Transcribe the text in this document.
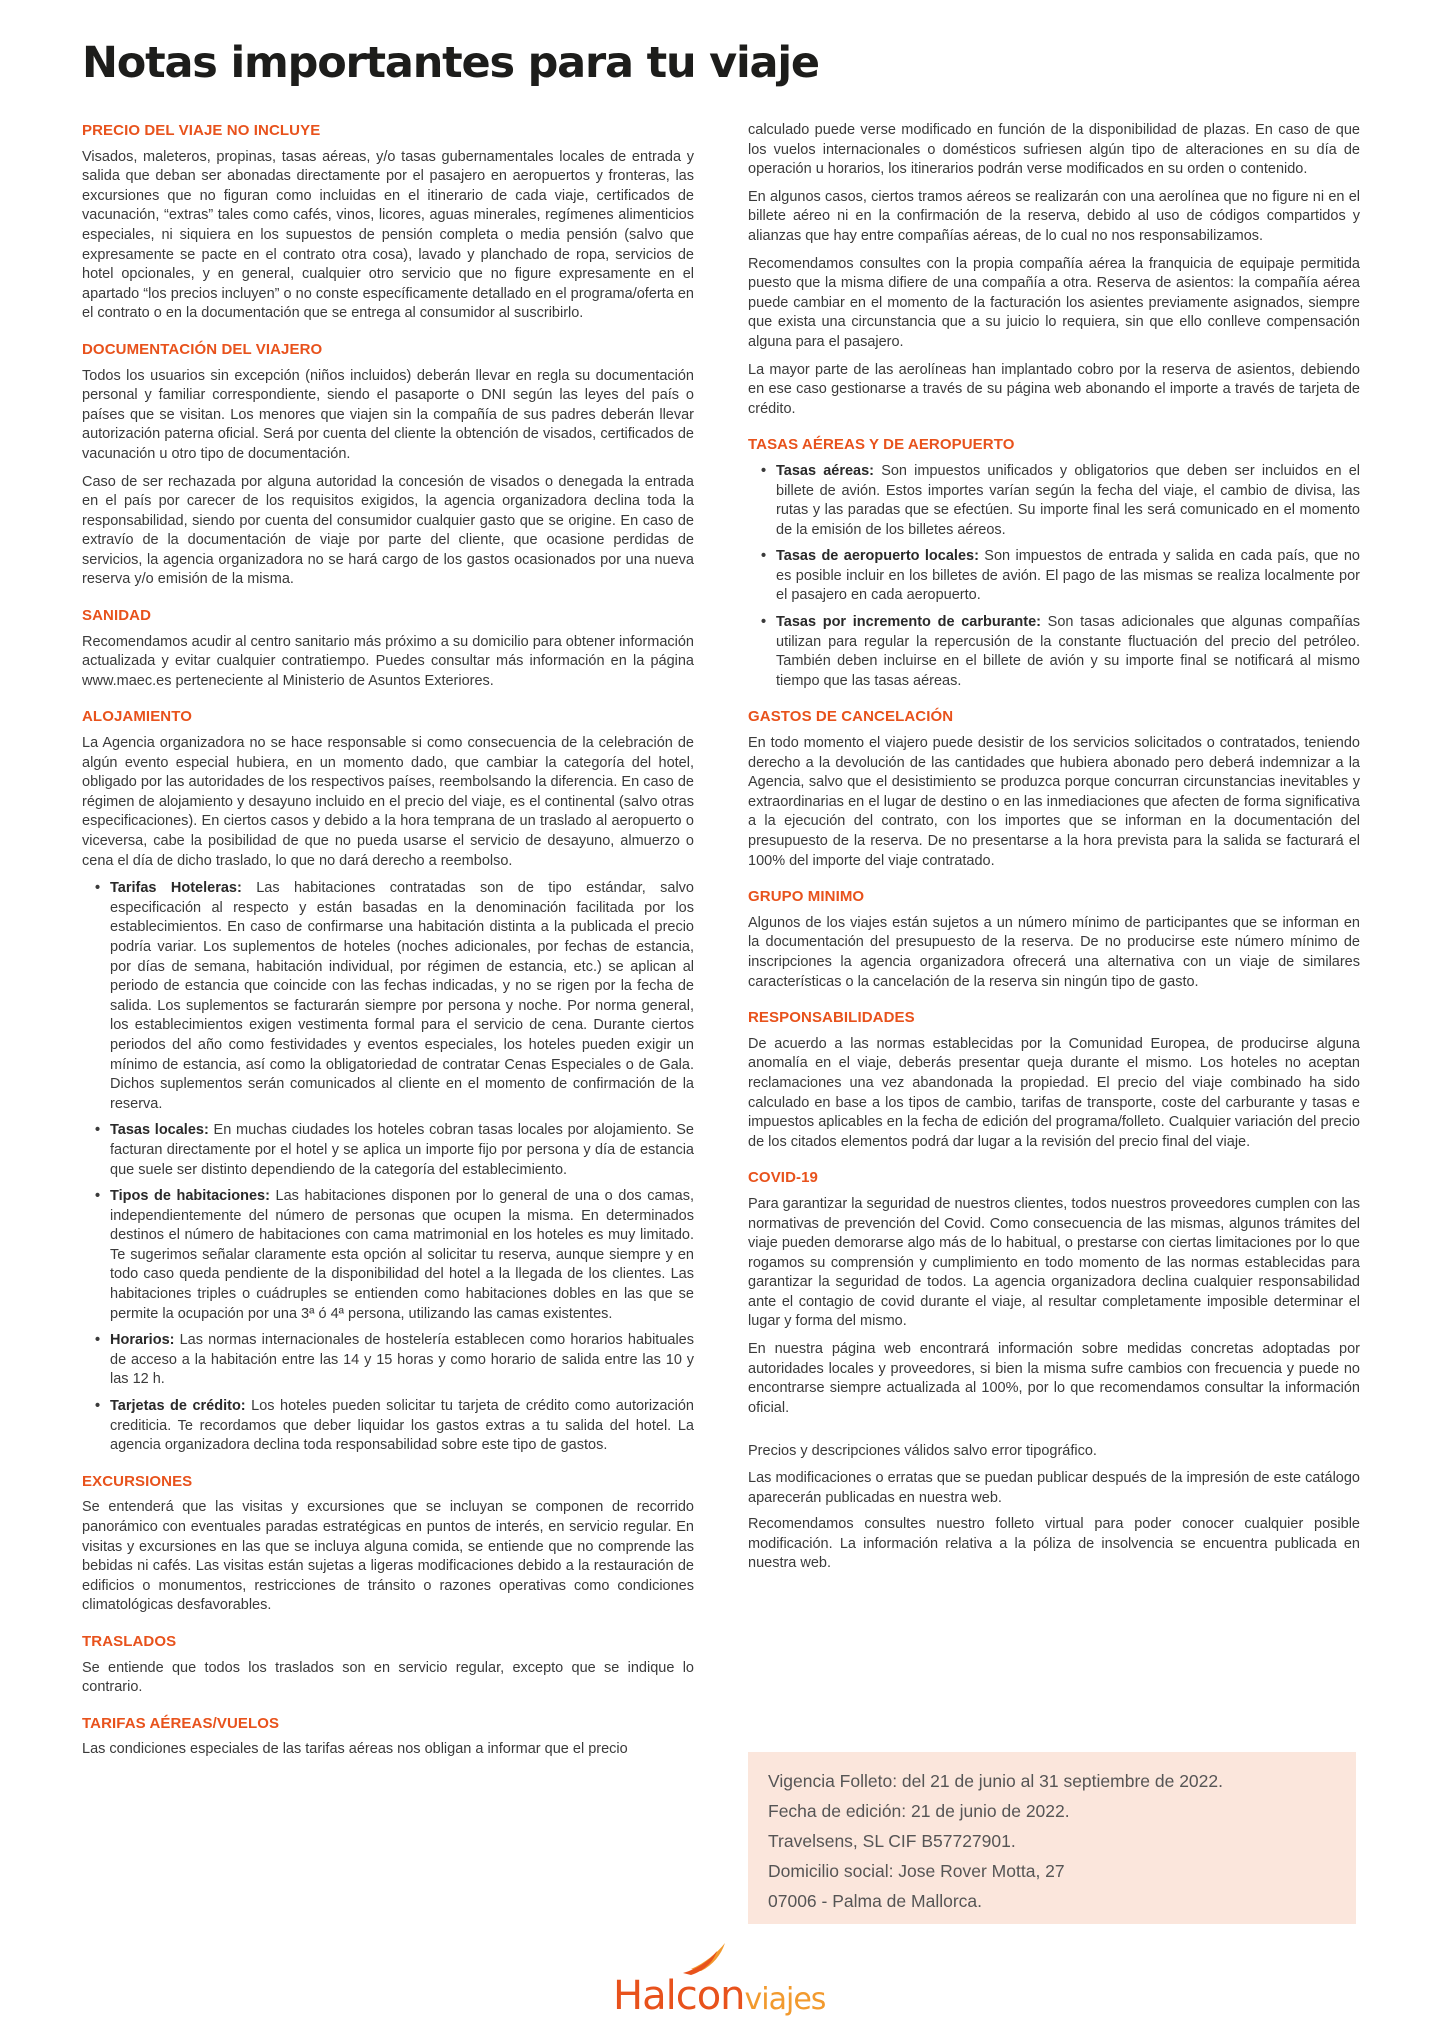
Notas importantes para tu viaje
PRECIO DEL VIAJE NO INCLUYE

Visados, maleteros, propinas, tasas aéreas, y/o tasas gubernamentales locales de entrada y salida que deban ser abonadas directamente por el pasajero en aeropuertos y fronteras, las excursiones que no figuran como incluidas en el itinerario de cada viaje, certificados de vacunación, “extras” tales como cafés, vinos, licores, aguas minerales, regímenes alimenticios especiales, ni siquiera en los supuestos de pensión completa o media pensión (salvo que expresamente se pacte en el contrato otra cosa), lavado y planchado de ropa, servicios de hotel opcionales, y en general, cualquier otro servicio que no figure expresamente en el apartado “los precios incluyen” o no conste específicamente detallado en el programa/oferta en el contrato o en la documentación que se entrega al consumidor al suscribirlo.

DOCUMENTACIÓN DEL VIAJERO

Todos los usuarios sin excepción (niños incluidos) deberán llevar en regla su documentación personal y familiar correspondiente, siendo el pasaporte o DNI según las leyes del país o países que se visitan. Los menores que viajen sin la compañía de sus padres deberán llevar autorización paterna oficial. Será por cuenta del cliente la obtención de visados, certificados de vacunación u otro tipo de documentación.

Caso de ser rechazada por alguna autoridad la concesión de visados o denegada la entrada en el país por carecer de los requisitos exigidos, la agencia organizadora declina toda la responsabilidad, siendo por cuenta del consumidor cualquier gasto que se origine. En caso de extravío de la documentación de viaje por parte del cliente, que ocasione perdidas de servicios, la agencia organizadora no se hará cargo de los gastos ocasionados por una nueva reserva y/o emisión de la misma.

SANIDAD

Recomendamos acudir al centro sanitario más próximo a su domicilio para obtener información actualizada y evitar cualquier contratiempo. Puedes consultar más información en la página www.maec.es perteneciente al Ministerio de Asuntos Exteriores.

ALOJAMIENTO

La Agencia organizadora no se hace responsable si como consecuencia de la celebración de algún evento especial hubiera, en un momento dado, que cambiar la categoría del hotel, obligado por las autoridades de los respectivos países, reembolsando la diferencia. En caso de régimen de alojamiento y desayuno incluido en el precio del viaje, es el continental (salvo otras especificaciones). En ciertos casos y debido a la hora temprana de un traslado al aeropuerto o viceversa, cabe la posibilidad de que no pueda usarse el servicio de desayuno, almuerzo o cena el día de dicho traslado, lo que no dará derecho a reembolso.

• Tarifas Hoteleras: Las habitaciones contratadas son de tipo estándar, salvo especificación al respecto y están basadas en la denominación facilitada por los establecimientos. En caso de confirmarse una habitación distinta a la publicada el precio podría variar. Los suplementos de hoteles (noches adicionales, por fechas de estancia, por días de semana, habitación individual, por régimen de estancia, etc.) se aplican al periodo de estancia que coincide con las fechas indicadas, y no se rigen por la fecha de salida. Los suplementos se facturarán siempre por persona y noche. Por norma general, los establecimientos exigen vestimenta formal para el servicio de cena. Durante ciertos periodos del año como festividades y eventos especiales, los hoteles pueden exigir un mínimo de estancia, así como la obligatoriedad de contratar Cenas Especiales o de Gala. Dichos suplementos serán comunicados al cliente en el momento de confirmación de la reserva.
• Tasas locales: En muchas ciudades los hoteles cobran tasas locales por alojamiento. Se facturan directamente por el hotel y se aplica un importe fijo por persona y día de estancia que suele ser distinto dependiendo de la categoría del establecimiento.
• Tipos de habitaciones: Las habitaciones disponen por lo general de una o dos camas, independientemente del número de personas que ocupen la misma. En determinados destinos el número de habitaciones con cama matrimonial en los hoteles es muy limitado. Te sugerimos señalar claramente esta opción al solicitar tu reserva, aunque siempre y en todo caso queda pendiente de la disponibilidad del hotel a la llegada de los clientes. Las habitaciones triples o cuádruples se entienden como habitaciones dobles en las que se permite la ocupación por una 3ª ó 4ª persona, utilizando las camas existentes.
• Horarios: Las normas internacionales de hostelería establecen como horarios habituales de acceso a la habitación entre las 14 y 15 horas y como horario de salida entre las 10 y las 12 h.
• Tarjetas de crédito: Los hoteles pueden solicitar tu tarjeta de crédito como autorización crediticia. Te recordamos que deber liquidar los gastos extras a tu salida del hotel. La agencia organizadora declina toda responsabilidad sobre este tipo de gastos.
EXCURSIONES

Se entenderá que las visitas y excursiones que se incluyan se componen de recorrido panorámico con eventuales paradas estratégicas en puntos de interés, en servicio regular. En visitas y excursiones en las que se incluya alguna comida, se entiende que no comprende las bebidas ni cafés. Las visitas están sujetas a ligeras modificaciones debido a la restauración de edificios o monumentos, restricciones de tránsito o razones operativas como condiciones climatológicas desfavorables.

TRASLADOS

Se entiende que todos los traslados son en servicio regular, excepto que se indique lo contrario.

TARIFAS AÉREAS/VUELOS

Las condiciones especiales de las tarifas aéreas nos obligan a informar que el precio

calculado puede verse modificado en función de la disponibilidad de plazas. En caso de que los vuelos internacionales o domésticos sufriesen algún tipo de alteraciones en su día de operación u horarios, los itinerarios podrán verse modificados en su orden o contenido.

En algunos casos, ciertos tramos aéreos se realizarán con una aerolínea que no figure ni en el billete aéreo ni en la confirmación de la reserva, debido al uso de códigos compartidos y alianzas que hay entre compañías aéreas, de lo cual no nos responsabilizamos.

Recomendamos consultes con la propia compañía aérea la franquicia de equipaje permitida puesto que la misma difiere de una compañía a otra. Reserva de asientos: la compañía aérea puede cambiar en el momento de la facturación los asientes previamente asignados, siempre que exista una circunstancia que a su juicio lo requiera, sin que ello conlleve compensación alguna para el pasajero.

La mayor parte de las aerolíneas han implantado cobro por la reserva de asientos, debiendo en ese caso gestionarse a través de su página web abonando el importe a través de tarjeta de crédito.

TASAS AÉREAS Y DE AEROPUERTO
• Tasas aéreas: Son impuestos unificados y obligatorios que deben ser incluidos en el billete de avión. Estos importes varían según la fecha del viaje, el cambio de divisa, las rutas y las paradas que se efectúen. Su importe final les será comunicado en el momento de la emisión de los billetes aéreos.
• Tasas de aeropuerto locales: Son impuestos de entrada y salida en cada país, que no es posible incluir en los billetes de avión. El pago de las mismas se realiza localmente por el pasajero en cada aeropuerto.
• Tasas por incremento de carburante: Son tasas adicionales que algunas compañías utilizan para regular la repercusión de la constante fluctuación del precio del petróleo. También deben incluirse en el billete de avión y su importe final se notificará al mismo tiempo que las tasas aéreas.
GASTOS DE CANCELACIÓN

En todo momento el viajero puede desistir de los servicios solicitados o contratados, teniendo derecho a la devolución de las cantidades que hubiera abonado pero deberá indemnizar a la Agencia, salvo que el desistimiento se produzca porque concurran circunstancias inevitables y extraordinarias en el lugar de destino o en las inmediaciones que afecten de forma significativa a la ejecución del contrato, con los importes que se informan en la documentación del presupuesto de la reserva. De no presentarse a la hora prevista para la salida se facturará el 100% del importe del viaje contratado.

GRUPO MINIMO

Algunos de los viajes están sujetos a un número mínimo de participantes que se informan en la documentación del presupuesto de la reserva. De no producirse este número mínimo de inscripciones la agencia organizadora ofrecerá una alternativa con un viaje de similares características o la cancelación de la reserva sin ningún tipo de gasto.

RESPONSABILIDADES

De acuerdo a las normas establecidas por la Comunidad Europea, de producirse alguna anomalía en el viaje, deberás presentar queja durante el mismo. Los hoteles no aceptan reclamaciones una vez abandonada la propiedad. El precio del viaje combinado ha sido calculado en base a los tipos de cambio, tarifas de transporte, coste del carburante y tasas e impuestos aplicables en la fecha de edición del programa/folleto. Cualquier variación del precio de los citados elementos podrá dar lugar a la revisión del precio final del viaje.

COVID-19

Para garantizar la seguridad de nuestros clientes, todos nuestros proveedores cumplen con las normativas de prevención del Covid. Como consecuencia de las mismas, algunos trámites del viaje pueden demorarse algo más de lo habitual, o prestarse con ciertas limitaciones por lo que rogamos su comprensión y cumplimiento en todo momento de las normas establecidas para garantizar la seguridad de todos. La agencia organizadora declina cualquier responsabilidad ante el contagio de covid durante el viaje, al resultar completamente imposible determinar el lugar y forma del mismo.

En nuestra página web encontrará información sobre medidas concretas adoptadas por autoridades locales y proveedores, si bien la misma sufre cambios con frecuencia y puede no encontrarse siempre actualizada al 100%, por lo que recomendamos consultar la información oficial.

Precios y descripciones válidos salvo error tipográfico.

Las modificaciones o erratas que se puedan publicar después de la impresión de este catálogo aparecerán publicadas en nuestra web.

Recomendamos consultes nuestro folleto virtual para poder conocer cualquier posible modificación. La información relativa a la póliza de insolvencia se encuentra publicada en nuestra web.

Vigencia Folleto: del 21 de junio al 31 septiembre de 2022.
Fecha de edición: 21 de junio de 2022.
Travelsens, SL CIF B57727901.
Domicilio social: Jose Rover Motta, 27
07006 - Palma de Mallorca.
Halconviajes
